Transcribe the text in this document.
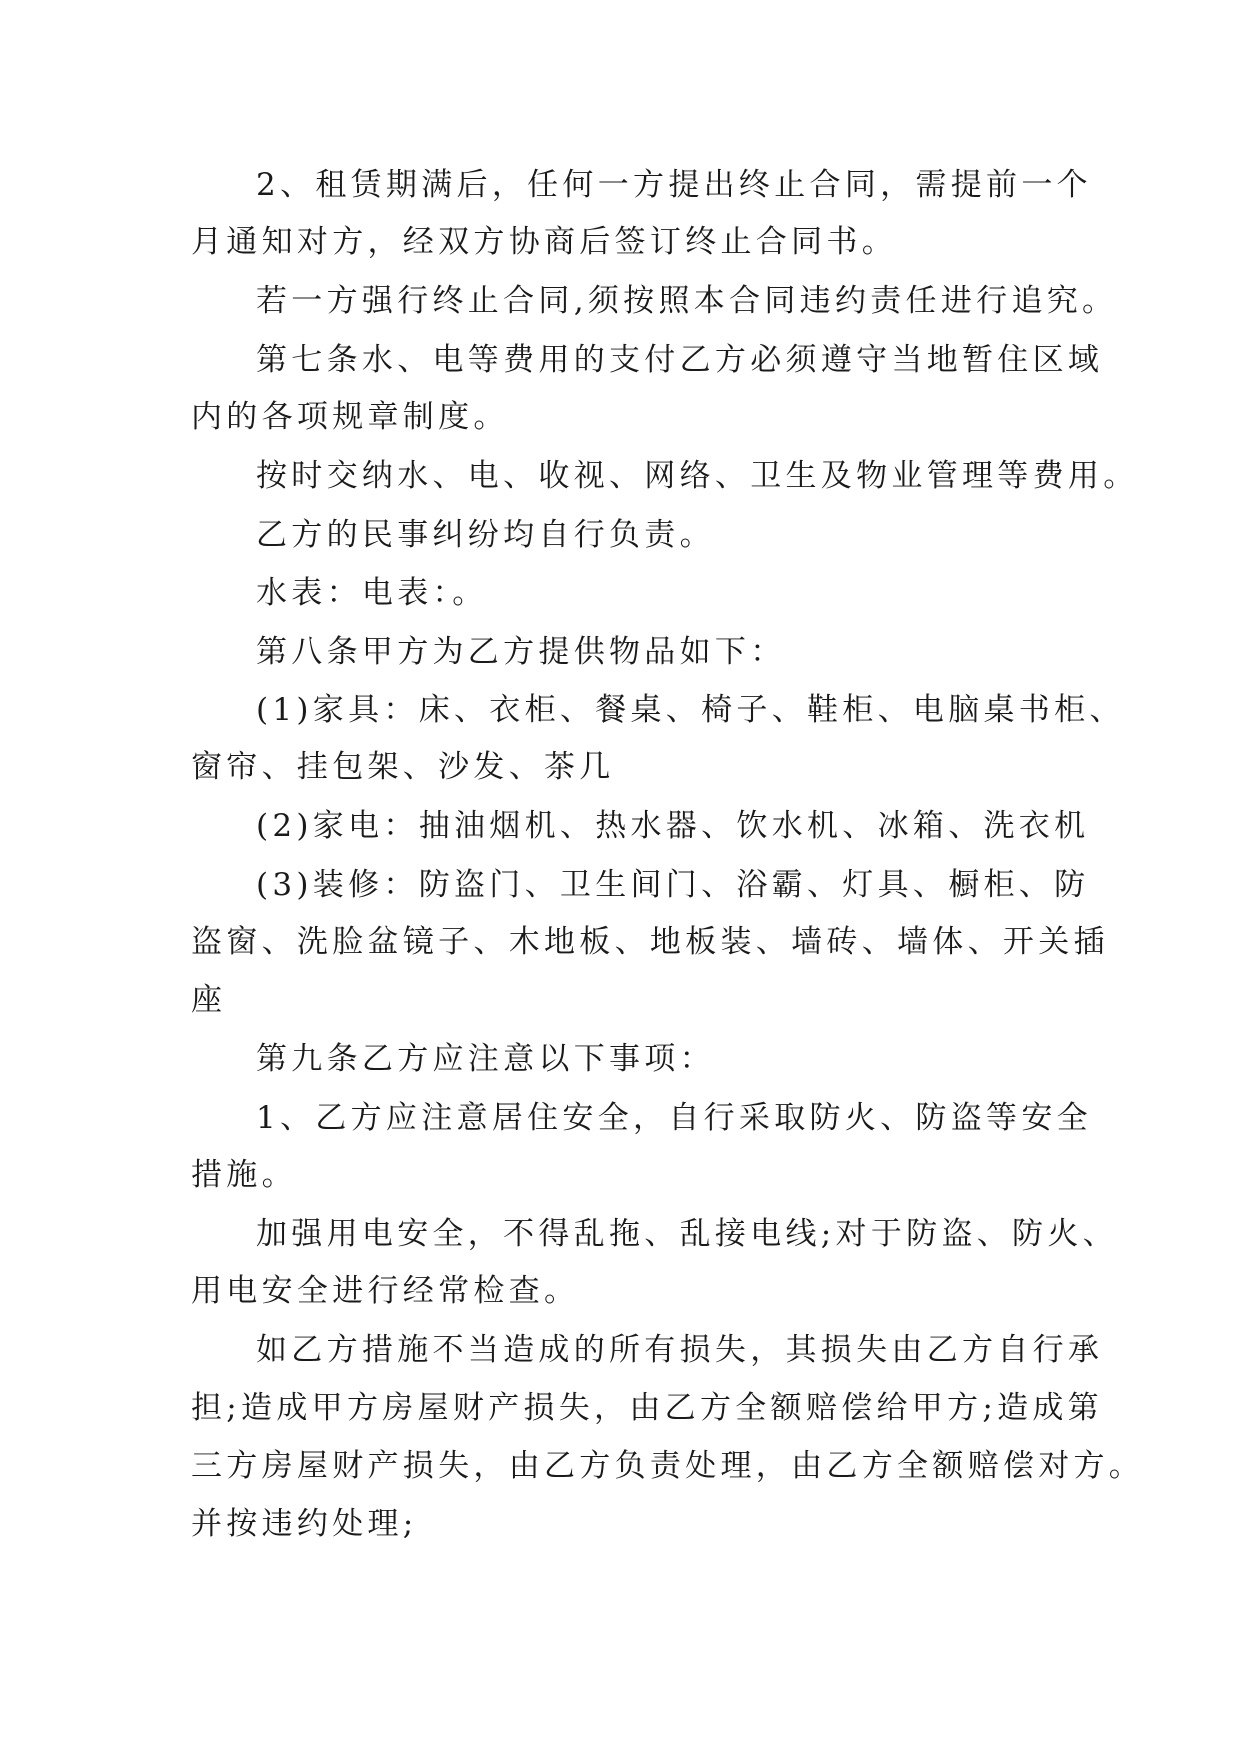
2、租赁期满后，任何一方提出终止合同，需提前一个

月通知对方，经双方协商后签订终止合同书。

若一方强行终止合同,须按照本合同违约责任进行追究。

第七条水、电等费用的支付乙方必须遵守当地暂住区域

内的各项规章制度。

按时交纳水、电、收视、网络、卫生及物业管理等费用。

乙方的民事纠纷均自行负责。

水表：电表：。

第八条甲方为乙方提供物品如下：

(1)家具：床、衣柜、餐桌、椅子、鞋柜、电脑桌书柜、

窗帘、挂包架、沙发、茶几

(2)家电：抽油烟机、热水器、饮水机、冰箱、洗衣机

(3)装修：防盗门、卫生间门、浴霸、灯具、橱柜、防

盗窗、洗脸盆镜子、木地板、地板装、墙砖、墙体、开关插

座

第九条乙方应注意以下事项：

1、乙方应注意居住安全，自行采取防火、防盗等安全

措施。

加强用电安全，不得乱拖、乱接电线;对于防盗、防火、

用电安全进行经常检查。

如乙方措施不当造成的所有损失，其损失由乙方自行承

担;造成甲方房屋财产损失，由乙方全额赔偿给甲方;造成第

三方房屋财产损失，由乙方负责处理，由乙方全额赔偿对方。

并按违约处理;
